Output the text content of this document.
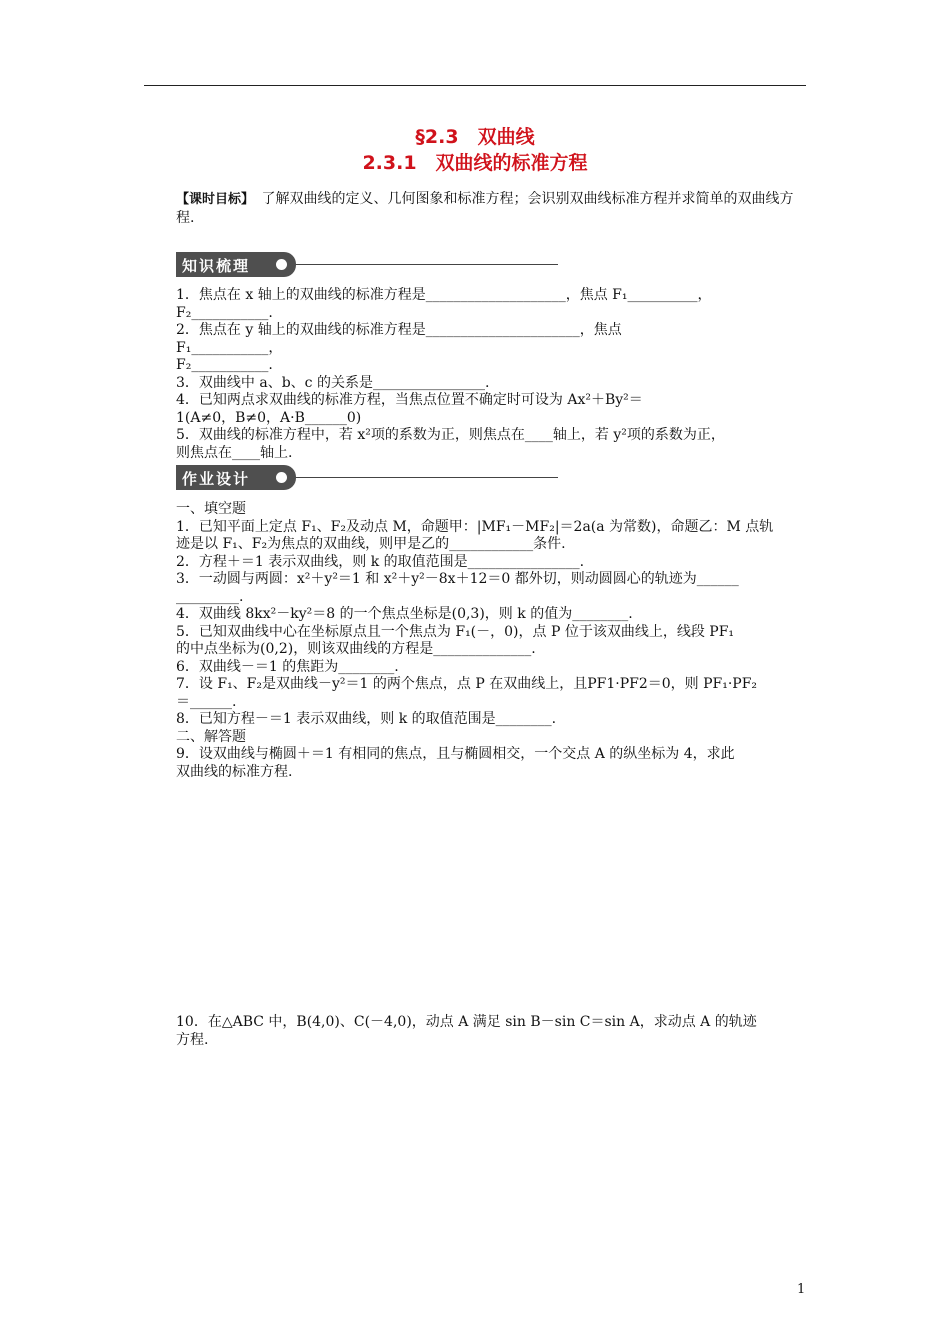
§2.3　双曲线
2.3.1　双曲线的标准方程
【课时目标】　了解双曲线的定义、几何图象和标准方程；会识别双曲线标准方程并求简单的双曲线方程.
知识梳理
1．焦点在 x 轴上的双曲线的标准方程是____________________，焦点 F₁__________，
F₂___________.
2．焦点在 y 轴上的双曲线的标准方程是______________________，焦点
F₁___________，
F₂___________.
3．双曲线中 a、b、c 的关系是________________.
4．已知两点求双曲线的标准方程，当焦点位置不确定时可设为 Ax²＋By²＝
1(A≠0，B≠0，A·B______0)
5．双曲线的标准方程中，若 x²项的系数为正，则焦点在____轴上，若 y²项的系数为正，
则焦点在____轴上.
作业设计
一、填空题
1．已知平面上定点 F₁、F₂及动点 M，命题甲：|MF₁－MF₂|＝2a(a 为常数)，命题乙：M 点轨
迹是以 F₁、F₂为焦点的双曲线，则甲是乙的____________条件.
2．方程＋＝1 表示双曲线，则 k 的取值范围是________________.
3．一动圆与两圆：x²＋y²＝1 和 x²＋y²－8x＋12＝0 都外切，则动圆圆心的轨迹为______
_________.
4．双曲线 8kx²－ky²＝8 的一个焦点坐标是(0,3)，则 k 的值为________.
5．已知双曲线中心在坐标原点且一个焦点为 F₁(－，0)，点 P 位于该双曲线上，线段 PF₁
的中点坐标为(0,2)，则该双曲线的方程是______________.
6．双曲线－＝1 的焦距为________.
7．设 F₁、F₂是双曲线－y²＝1 的两个焦点，点 P 在双曲线上，且PF1·PF2＝0，则 PF₁·PF₂
＝______.
8．已知方程－＝1 表示双曲线，则 k 的取值范围是________.
二、解答题
9．设双曲线与椭圆＋＝1 有相同的焦点，且与椭圆相交，一个交点 A 的纵坐标为 4，求此
双曲线的标准方程.
10．在△ABC 中，B(4,0)、C(－4,0)，动点 A 满足 sin B－sin C＝sin A，求动点 A 的轨迹
方程.
1
